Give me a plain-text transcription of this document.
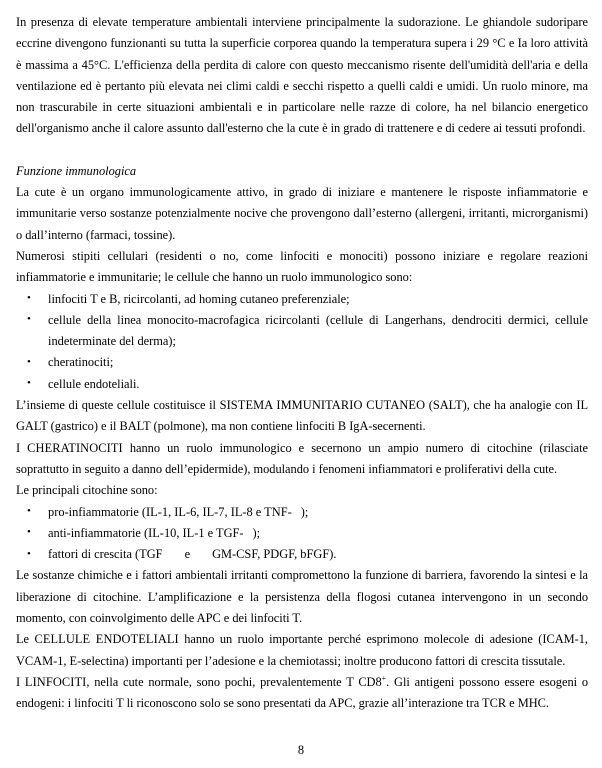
In presenza di elevate temperature ambientali interviene principalmente la sudorazione. Le ghiandole sudoripare eccrine divengono funzionanti su tutta la superficie corporea quando la temperatura supera i 29 °C e Ia loro attività è massima a 45°C. L'efficienza della perdita di calore con questo meccanismo risente dell'umidità dell'aria e della ventilazione ed è pertanto più elevata nei climi caldi e secchi rispetto a quelli caldi e umidi. Un ruolo minore, ma non trascurabile in certe situazioni ambientali e in particolare nelle razze di colore, ha nel bilancio energetico dell'organismo anche il calore assunto dall'esterno che la cute è in grado di trattenere e di cedere ai tessuti profondi.

Funzione immunologica

La cute è un organo immunologicamente attivo, in grado di iniziare e mantenere le risposte infiammatorie e immunitarie verso sostanze potenzialmente nocive che provengono dall’esterno (allergeni, irritanti, microrganismi) o dall’interno (farmaci, tossine).

Numerosi stipiti cellulari (residenti o no, come linfociti e monociti) possono iniziare e regolare reazioni infiammatorie e immunitarie; le cellule che hanno un ruolo immunologico sono:

• linfociti T e B, ricircolanti, ad homing cutaneo preferenziale;
• cellule della linea monocito-macrofagica ricircolanti (cellule di Langerhans, dendrociti dermici, cellule indeterminate del derma);
• cheratinociti;
• cellule endoteliali.

L’insieme di queste cellule costituisce il SISTEMA IMMUNITARIO CUTANEO (SALT), che ha analogie con IL GALT (gastrico) e il BALT (polmone), ma non contiene linfociti B IgA-secernenti.

I CHERATINOCITI hanno un ruolo immunologico e secernono un ampio numero di citochine (rilasciate soprattutto in seguito a danno dell’epidermide), modulando i fenomeni infiammatori e proliferativi della cute.

Le principali citochine sono:

• pro-infiammatorie (IL-1, IL-6, IL-7, IL-8 e TNF- );
• anti-infiammatorie (IL-10, IL-1 e TGF- );
• fattori di crescita (TGF e GM-CSF, PDGF, bFGF).

Le sostanze chimiche e i fattori ambientali irritanti compromettono la funzione di barriera, favorendo la sintesi e la liberazione di citochine. L’amplificazione e la persistenza della flogosi cutanea intervengono in un secondo momento, con coinvolgimento delle APC e dei linfociti T.

Le CELLULE ENDOTELIALI hanno un ruolo importante perché esprimono molecole di adesione (ICAM-1, VCAM-1, E-selectina) importanti per l’adesione e la chemiotassi; inoltre producono fattori di crescita tissutale.

I LINFOCITI, nella cute normale, sono pochi, prevalentemente T CD8+. Gli antigeni possono essere esogeni o endogeni: i linfociti T li riconoscono solo se sono presentati da APC, grazie all’interazione tra TCR e MHC.

8
